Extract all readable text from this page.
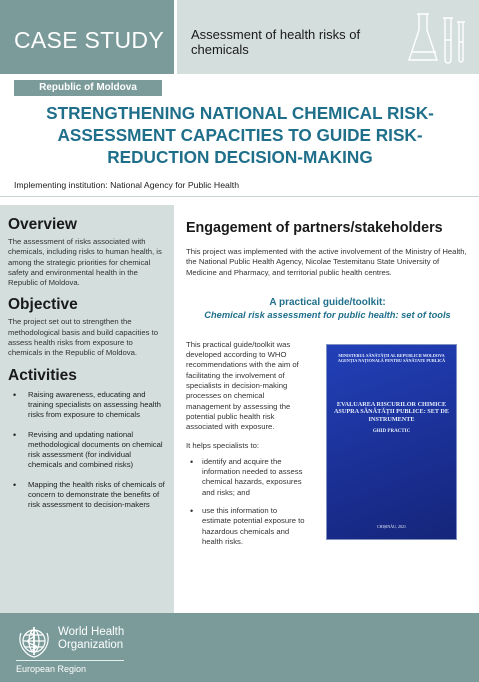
CASE STUDY Assessment of health risks of chemicals
Republic of Moldova
STRENGTHENING NATIONAL CHEMICAL RISK-ASSESSMENT CAPACITIES TO GUIDE RISK-REDUCTION DECISION-MAKING
Implementing institution: National Agency for Public Health
Overview

The assessment of risks associated with chemicals, including risks to human health, is among the strategic priorities for chemical safety and environmental health in the Republic of Moldova.

Objective

The project set out to strengthen the methodological basis and build capacities to assess health risks from exposure to chemicals in the Republic of Moldova.

Activities
• Raising awareness, educating and training specialists on assessing health risks from exposure to chemicals
• Revising and updating national methodological documents on chemical risk assessment (for individual chemicals and combined risks)
• Mapping the health risks of chemicals of concern to demonstrate the benefits of risk assessment to decision-makers
Engagement of partners/stakeholders

This project was implemented with the active involvement of the Ministry of Health, the National Public Health Agency, Nicolae Testemitanu State University of Medicine and Pharmacy, and territorial public health centres.

A practical guide/toolkit:
Chemical risk assessment for public health: set of tools

This practical guide/toolkit was developed according to WHO recommendations with the aim of facilitating the involvement of specialists in decision-making processes on chemical management by assessing the potential public health risk associated with exposure.

It helps specialists to:

• identify and acquire the information needed to assess chemical hazards, exposures and risks; and
• use this information to estimate potential exposure to hazardous chemicals and health risks.
MINISTERUL SĂNĂTĂȚII AL REPUBLICII MOLDOVA AGENȚIA NAȚIONALĂ PENTRU SĂNĂTATE PUBLICĂ
EVALUAREA RISCURILOR CHIMICE ASUPRA SĂNĂTĂȚII PUBLICE: SET DE INSTRUMENTE
GHID PRACTIC
CHIȘINĂU, 2021
World Health
Organization
European Region
